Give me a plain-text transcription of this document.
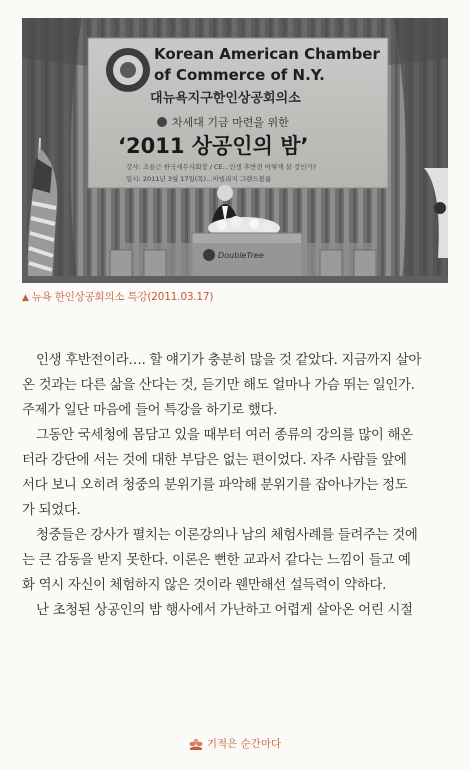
Korean American Chamber
of Commerce of N.Y.
대뉴욕지구한인상공회의소
차세대 기금 마련을 위한
‘2011 상공인의 밤’
강사: 조용근 한국세무사회장 / CE…인생 후반전 어떻게 살 것인가?
일시: 2011년 3월 17일(목)…아빌리지 그랜드볼룸
DoubleTree
▲ 뉴욕 한인상공회의소 특강(2011.03.17)

인생 후반전이라…. 할 얘기가 충분히 많을 것 같았다. 지금까지 살아
온 것과는 다른 삶을 산다는 것, 듣기만 해도 얼마나 가슴 뛰는 일인가.
주제가 일단 마음에 들어 특강을 하기로 했다.

그동안 국세청에 몸담고 있을 때부터 여러 종류의 강의를 많이 해온
터라 강단에 서는 것에 대한 부담은 없는 편이었다. 자주 사람들 앞에
서다 보니 오히려 청중의 분위기를 파악해 분위기를 잡아나가는 정도
가 되었다.

청중들은 강사가 펼치는 이론강의나 남의 체험사례를 들려주는 것에
는 큰 감동을 받지 못한다. 이론은 뻔한 교과서 같다는 느낌이 들고 예
화 역시 자신이 체험하지 않은 것이라 웬만해선 설득력이 약하다.

난 초청된 상공인의 밤 행사에서 가난하고 어렵게 살아온 어린 시절

기적은 순간마다
